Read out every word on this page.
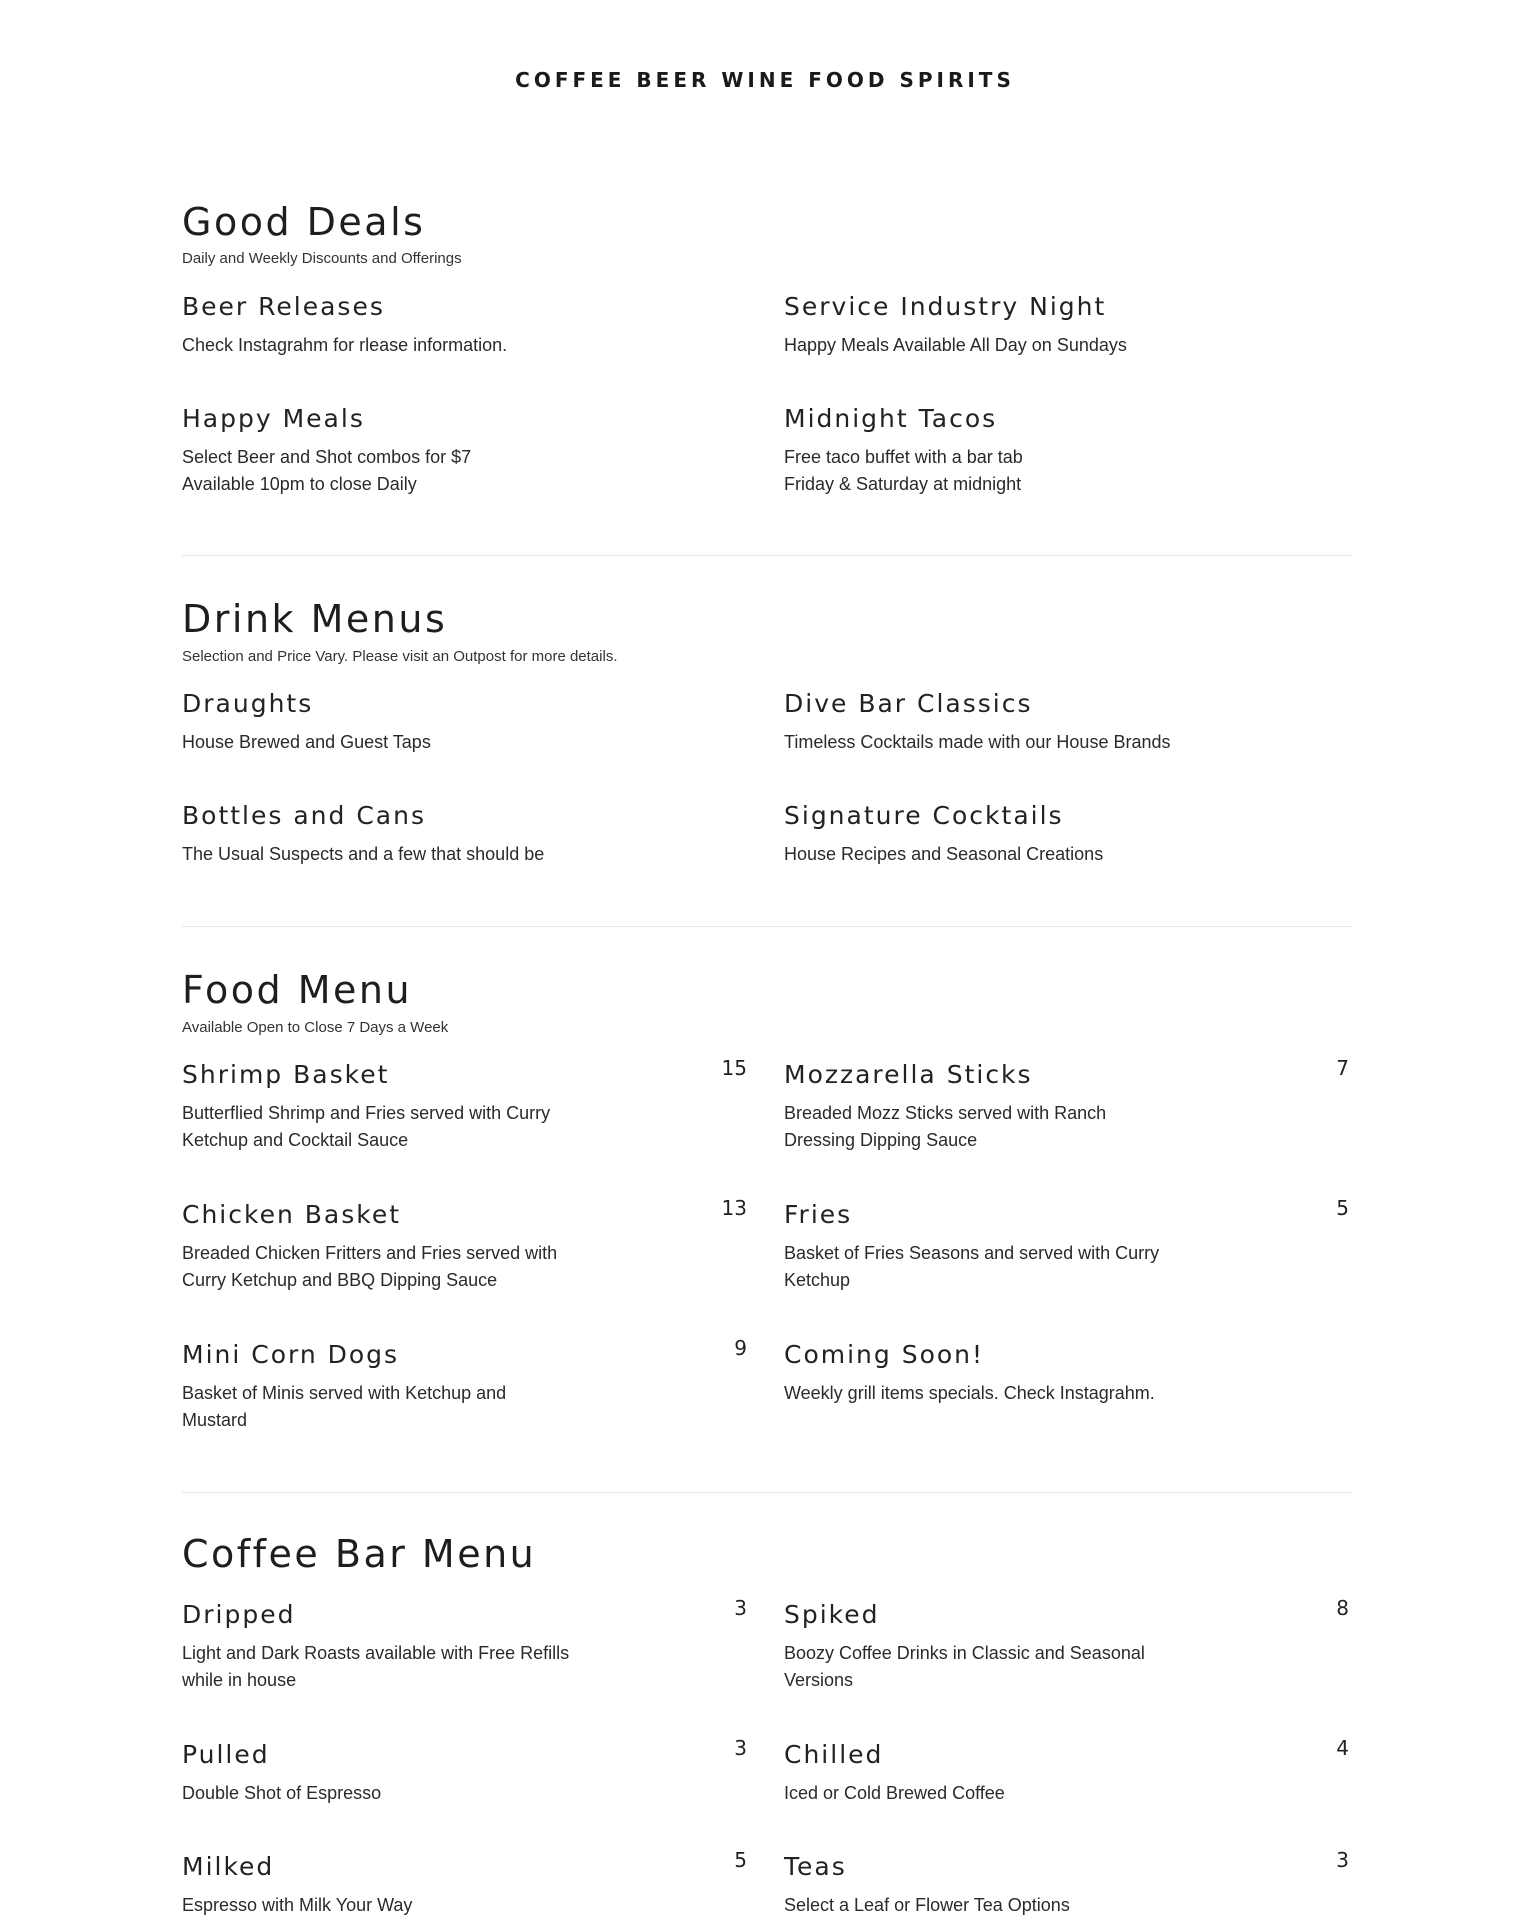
COFFEE BEER WINE FOOD SPIRITS
Good Deals
Daily and Weekly Discounts and Offerings
Beer Releases
Check Instagrahm for rlease information.
Service Industry Night
Happy Meals Available All Day on Sundays
Happy Meals
Select Beer and Shot combos for $7
Available 10pm to close Daily
Midnight Tacos
Free taco buffet with a bar tab
Friday & Saturday at midnight
Drink Menus
Selection and Price Vary. Please visit an Outpost for more details.
Draughts
House Brewed and Guest Taps
Dive Bar Classics
Timeless Cocktails made with our House Brands
Bottles and Cans
The Usual Suspects and a few that should be
Signature Cocktails
House Recipes and Seasonal Creations
Food Menu
Available Open to Close 7 Days a Week
Shrimp Basket	15
Butterflied Shrimp and Fries served with Curry
Ketchup and Cocktail Sauce
Mozzarella Sticks	7
Breaded Mozz Sticks served with Ranch
Dressing Dipping Sauce
Chicken Basket	13
Breaded Chicken Fritters and Fries served with
Curry Ketchup and BBQ Dipping Sauce
Fries	5
Basket of Fries Seasons and served with Curry
Ketchup
Mini Corn Dogs	9
Basket of Minis served with Ketchup and
Mustard
Coming Soon!
Weekly grill items specials. Check Instagrahm.
Coffee Bar Menu
Dripped	3
Light and Dark Roasts available with Free Refills
while in house
Spiked	8
Boozy Coffee Drinks in Classic and Seasonal
Versions
Pulled	3
Double Shot of Espresso
Chilled	4
Iced or Cold Brewed Coffee
Milked	5
Espresso with Milk Your Way
Teas	3
Select a Leaf or Flower Tea Options
